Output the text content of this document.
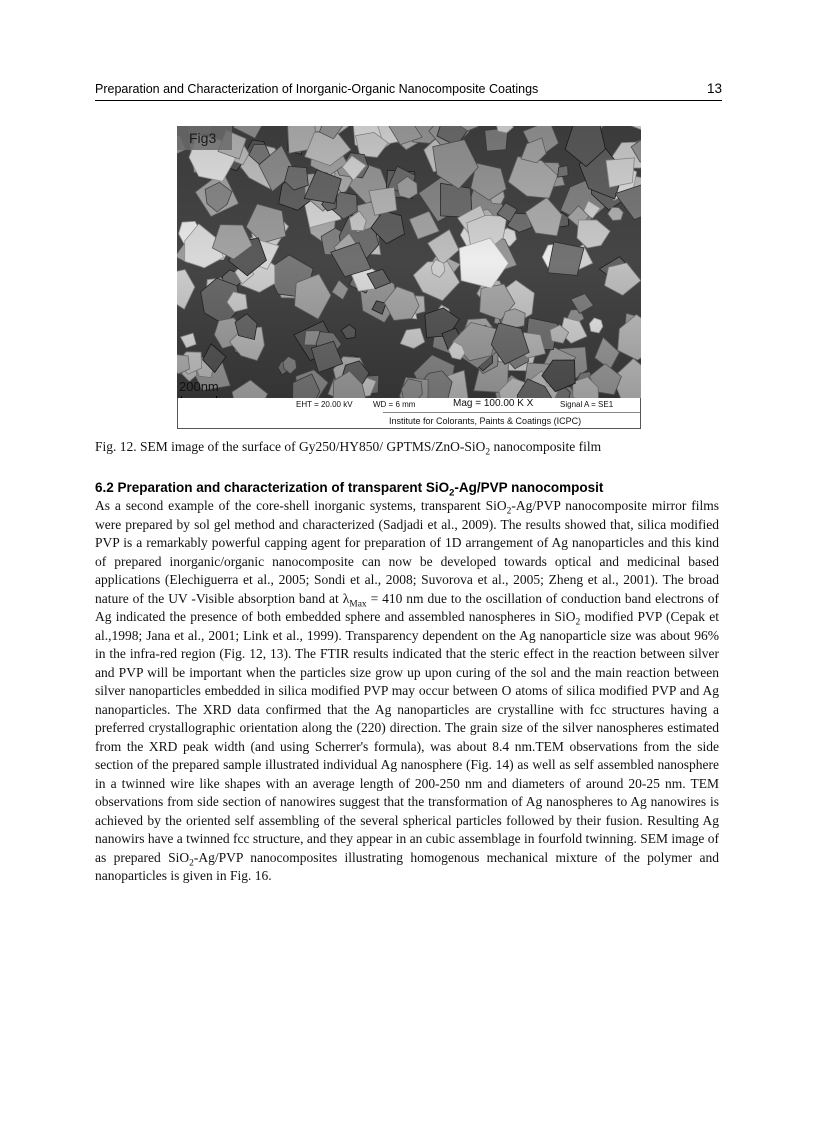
Preparation and Characterization of Inorganic-Organic Nanocomposite Coatings	13
Fig3
200nm
EHT = 20.00 kV	WD = 6 mm	Mag = 100.00 K X	Signal A = SE1
Institute for Colorants, Paints & Coatings (ICPC)
Fig. 12. SEM image of the surface of Gy250/HY850/ GPTMS/ZnO-SiO$_2$ nanocomposite film
6.2 Preparation and characterization of transparent SiO$_2$-Ag/PVP nanocomposit

As a second example of the core-shell inorganic systems, transparent SiO$_2$-Ag/PVP nanocomposite mirror films were prepared by sol gel method and characterized (Sadjadi et al., 2009). The results showed that, silica modified PVP is a remarkably powerful capping agent for preparation of 1D arrangement of Ag nanoparticles and this kind of prepared inorganic/organic nanocomposite can now be developed towards optical and medicinal based applications (Elechiguerra et al., 2005; Sondi et al., 2008; Suvorova et al., 2005; Zheng et al., 2001). The broad nature of the UV -Visible absorption band at $\lambda_{Max} = 410$ nm due to the oscillation of conduction band electrons of Ag indicated the presence of both embedded sphere and assembled nanospheres in SiO$_2$ modified PVP (Cepak et al.,1998; Jana et al., 2001; Link et al., 1999). Transparency dependent on the Ag nanoparticle size was about 96% in the infra-red region (Fig. 12, 13). The FTIR results indicated that the steric effect in the reaction between silver and PVP will be important when the particles size grow up upon curing of the sol and the main reaction between silver nanoparticles embedded in silica modified PVP may occur between O atoms of silica modified PVP and Ag nanoparticles. The XRD data confirmed that the Ag nanoparticles are crystalline with fcc structures having a preferred crystallographic orientation along the (220) direction. The grain size of the silver nanospheres estimated from the XRD peak width (and using Scherrer's formula), was about 8.4 nm.TEM observations from the side section of the prepared sample illustrated individual Ag nanosphere (Fig. 14) as well as self assembled nanosphere in a twinned wire like shapes with an average length of 200-250 nm and diameters of around 20-25 nm. TEM observations from side section of nanowires suggest that the transformation of Ag nanospheres to Ag nanowires is achieved by the oriented self assembling of the several spherical particles followed by their fusion. Resulting Ag nanowirs have a twinned fcc structure, and they appear in an cubic assemblage in fourfold twinning. SEM image of as prepared SiO$_2$-Ag/PVP nanocomposites illustrating homogenous mechanical mixture of the polymer and nanoparticles is given in Fig. 16.
